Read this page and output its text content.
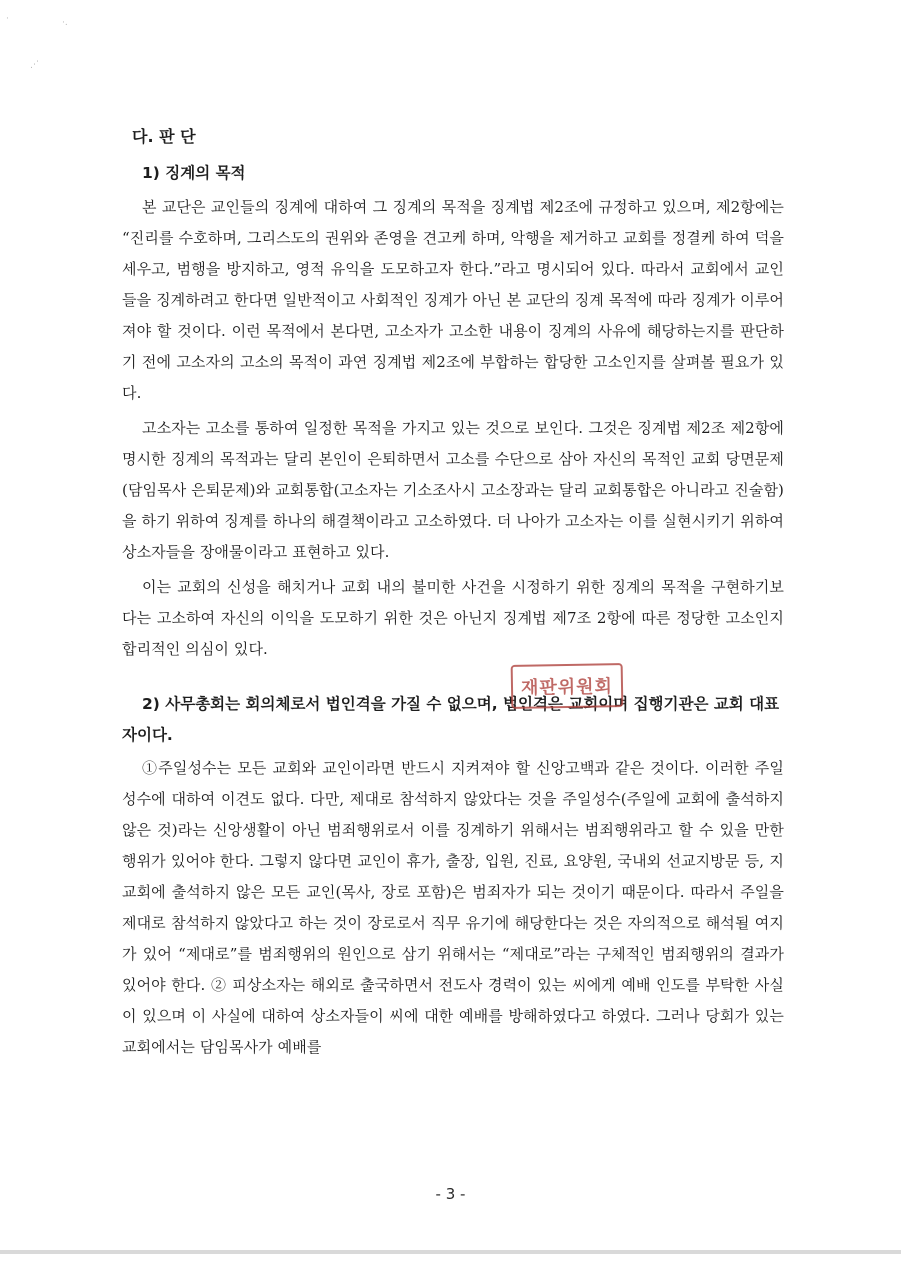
·	·.
⋰
다. 판 단
1) 징계의 목적

본 교단은 교인들의 징계에 대하여 그 징계의 목적을 징계법 제2조에 규정하고 있으며, 제2항에는 “진리를 수호하며, 그리스도의 권위와 존영을 견고케 하며, 악행을 제거하고 교회를 정결케 하여 덕을 세우고, 범행을 방지하고, 영적 유익을 도모하고자 한다.”라고 명시되어 있다. 따라서 교회에서 교인들을 징계하려고 한다면 일반적이고 사회적인 징계가 아닌 본 교단의 징계 목적에 따라 징계가 이루어져야 할 것이다. 이런 목적에서 본다면, 고소자가 고소한 내용이 징계의 사유에 해당하는지를 판단하기 전에 고소자의 고소의 목적이 과연 징계법 제2조에 부합하는 합당한 고소인지를 살펴볼 필요가 있다.

고소자는 고소를 통하여 일정한 목적을 가지고 있는 것으로 보인다. 그것은 징계법 제2조 제2항에 명시한 징계의 목적과는 달리 본인이 은퇴하면서 고소를 수단으로 삼아 자신의 목적인 교회 당면문제(담임목사 은퇴문제)와 교회통합(고소자는 기소조사시 고소장과는 달리 교회통합은 아니라고 진술함)을 하기 위하여 징계를 하나의 해결책이라고 고소하였다. 더 나아가 고소자는 이를 실현시키기 위하여 상소자들을 장애물이라고 표현하고 있다.

이는 교회의 신성을 해치거나 교회 내의 불미한 사건을 시정하기 위한 징계의 목적을 구현하기보다는 고소하여 자신의 이익을 도모하기 위한 것은 아닌지 징계법 제7조 2항에 따른 정당한 고소인지 합리적인 의심이 있다.

2) 사무총회는 회의체로서 법인격을 가질 수 없으며, 법인격은 교회이며 집행기관은 교회 대표자이다.

①주일성수는 모든 교회와 교인이라면 반드시 지켜져야 할 신앙고백과 같은 것이다. 이러한 주일성수에 대하여 이견도 없다. 다만, 제대로 참석하지 않았다는 것을 주일성수(주일에 교회에 출석하지 않은 것)라는 신앙생활이 아닌 범죄행위로서 이를 징계하기 위해서는 범죄행위라고 할 수 있을 만한 행위가 있어야 한다. 그렇지 않다면 교인이 휴가, 출장, 입원, 진료, 요양원, 국내외 선교지방문 등, 지교회에 출석하지 않은 모든 교인(목사, 장로 포함)은 범죄자가 되는 것이기 때문이다. 따라서 주일을 제대로 참석하지 않았다고 하는 것이 장로로서 직무 유기에 해당한다는 것은 자의적으로 해석될 여지가 있어 “제대로”를 범죄행위의 원인으로 삼기 위해서는 “제대로”라는 구체적인 범죄행위의 결과가 있어야 한다. ② 피상소자는 해외로 출국하면서 전도사 경력이 있는 씨에게 예배 인도를 부탁한 사실이 있으며 이 사실에 대하여 상소자들이 씨에 대한 예배를 방해하였다고 하였다. 그러나 당회가 있는 교회에서는 담임목사가 예배를

재판위원회
- 3 -
